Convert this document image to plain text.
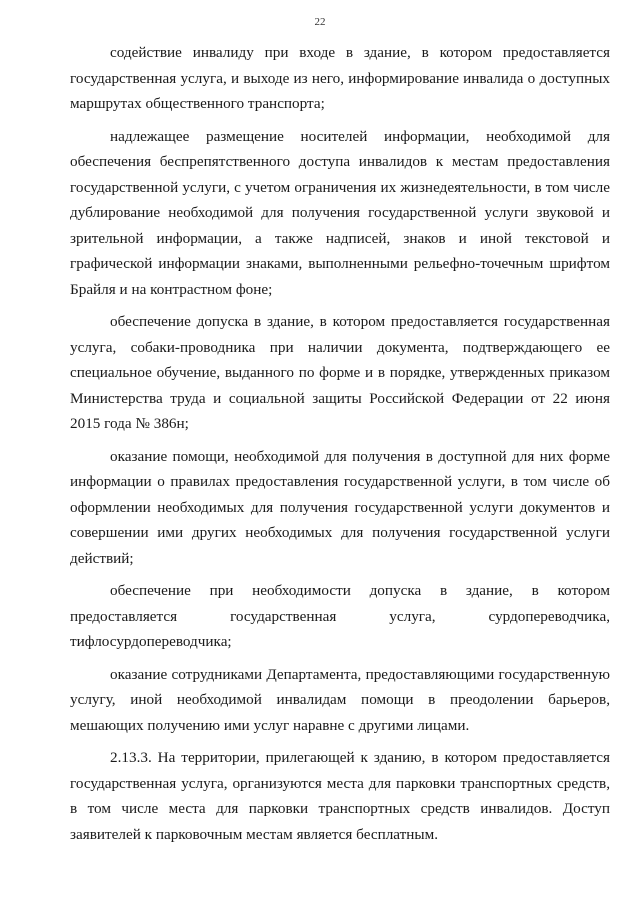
22

содействие инвалиду при входе в здание, в котором предоставляется государственная услуга, и выходе из него, информирование инвалида о доступных маршрутах общественного транспорта;

надлежащее размещение носителей информации, необходимой для обеспечения беспрепятственного доступа инвалидов к местам предоставления государственной услуги, с учетом ограничения их жизнедеятельности, в том числе дублирование необходимой для получения государственной услуги звуковой и зрительной информации, а также надписей, знаков и иной текстовой и графической информации знаками, выполненными рельефно-точечным шрифтом Брайля и на контрастном фоне;

обеспечение допуска в здание, в котором предоставляется государственная услуга, собаки-проводника при наличии документа, подтверждающего ее специальное обучение, выданного по форме и в порядке, утвержденных приказом Министерства труда и социальной защиты Российской Федерации от 22 июня 2015 года № 386н;

оказание помощи, необходимой для получения в доступной для них форме информации о правилах предоставления государственной услуги, в том числе об оформлении необходимых для получения государственной услуги документов и совершении ими других необходимых для получения государственной услуги действий;

обеспечение при необходимости допуска в здание, в котором предоставляется государственная услуга, сурдопереводчика, тифлосурдопереводчика;

оказание сотрудниками Департамента, предоставляющими государственную услугу, иной необходимой инвалидам помощи в преодолении барьеров, мешающих получению ими услуг наравне с другими лицами.

2.13.3. На территории, прилегающей к зданию, в котором предоставляется государственная услуга, организуются места для парковки транспортных средств, в том числе места для парковки транспортных средств инвалидов. Доступ заявителей к парковочным местам является бесплатным.
